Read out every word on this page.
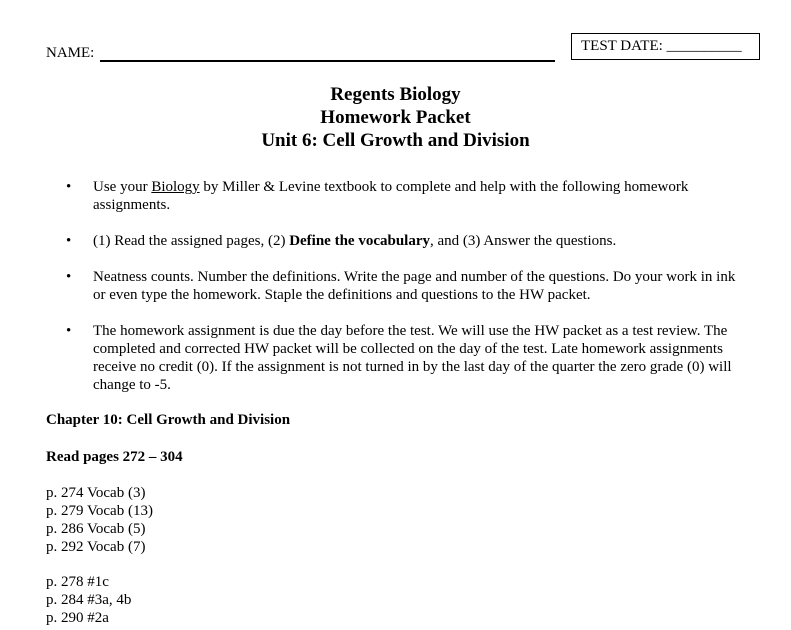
NAME:	TEST DATE: __________
Regents Biology
Homework Packet
Unit 6: Cell Growth and Division
• Use your Biology by Miller & Levine textbook to complete and help with the following homework assignments.
• (1) Read the assigned pages, (2) Define the vocabulary, and (3) Answer the questions.
• Neatness counts. Number the definitions. Write the page and number of the questions. Do your work in ink or even type the homework. Staple the definitions and questions to the HW packet.
• The homework assignment is due the day before the test. We will use the HW packet as a test review. The completed and corrected HW packet will be collected on the day of the test. Late homework assignments receive no credit (0). If the assignment is not turned in by the last day of the quarter the zero grade (0) will change to -5.
Chapter 10: Cell Growth and Division
Read pages 272 – 304
p. 274 Vocab (3)
p. 279 Vocab (13)
p. 286 Vocab (5)
p. 292 Vocab (7)
p. 278 #1c
p. 284 #3a, 4b
p. 290 #2a
